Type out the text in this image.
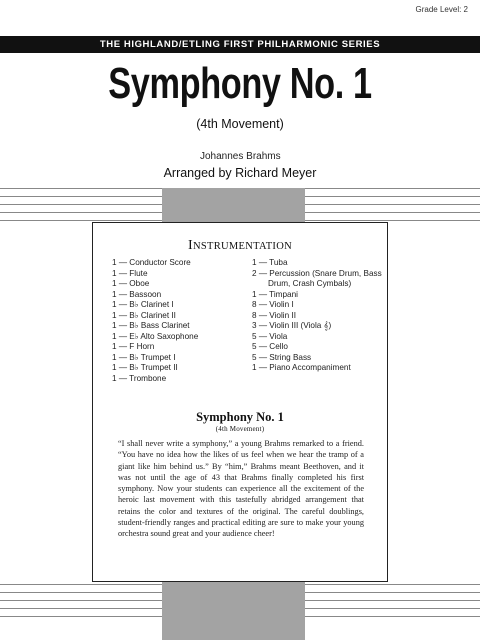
Grade Level: 2
THE HIGHLAND/ETLING FIRST PHILHARMONIC SERIES
Symphony No. 1
(4th Movement)
Johannes Brahms
Arranged by Richard Meyer
INSTRUMENTATION
1 — Conductor Score
1 — Flute
1 — Oboe
1 — Bassoon
1 — B♭ Clarinet I
1 — B♭ Clarinet II
1 — B♭ Bass Clarinet
1 — E♭ Alto Saxophone
1 — F Horn
1 — B♭ Trumpet I
1 — B♭ Trumpet II
1 — Trombone
1 — Tuba
2 — Percussion (Snare Drum, Bass
Drum, Crash Cymbals)
1 — Timpani
8 — Violin I
8 — Violin II
3 — Violin III (Viola 𝄞)
5 — Viola
5 — Cello
5 — String Bass
1 — Piano Accompaniment
Symphony No. 1
(4th Movement)

“I shall never write a symphony,” a young Brahms remarked to a friend. “You have no idea how the likes of us feel when we hear the tramp of a giant like him behind us.” By “him,” Brahms meant Beethoven, and it was not until the age of 43 that Brahms finally completed his first symphony. Now your students can experience all the excitement of the heroic last movement with this tastefully abridged arrangement that retains the color and textures of the original. The careful doublings, student-friendly ranges and practical editing are sure to make your young orchestra sound great and your audience cheer!
